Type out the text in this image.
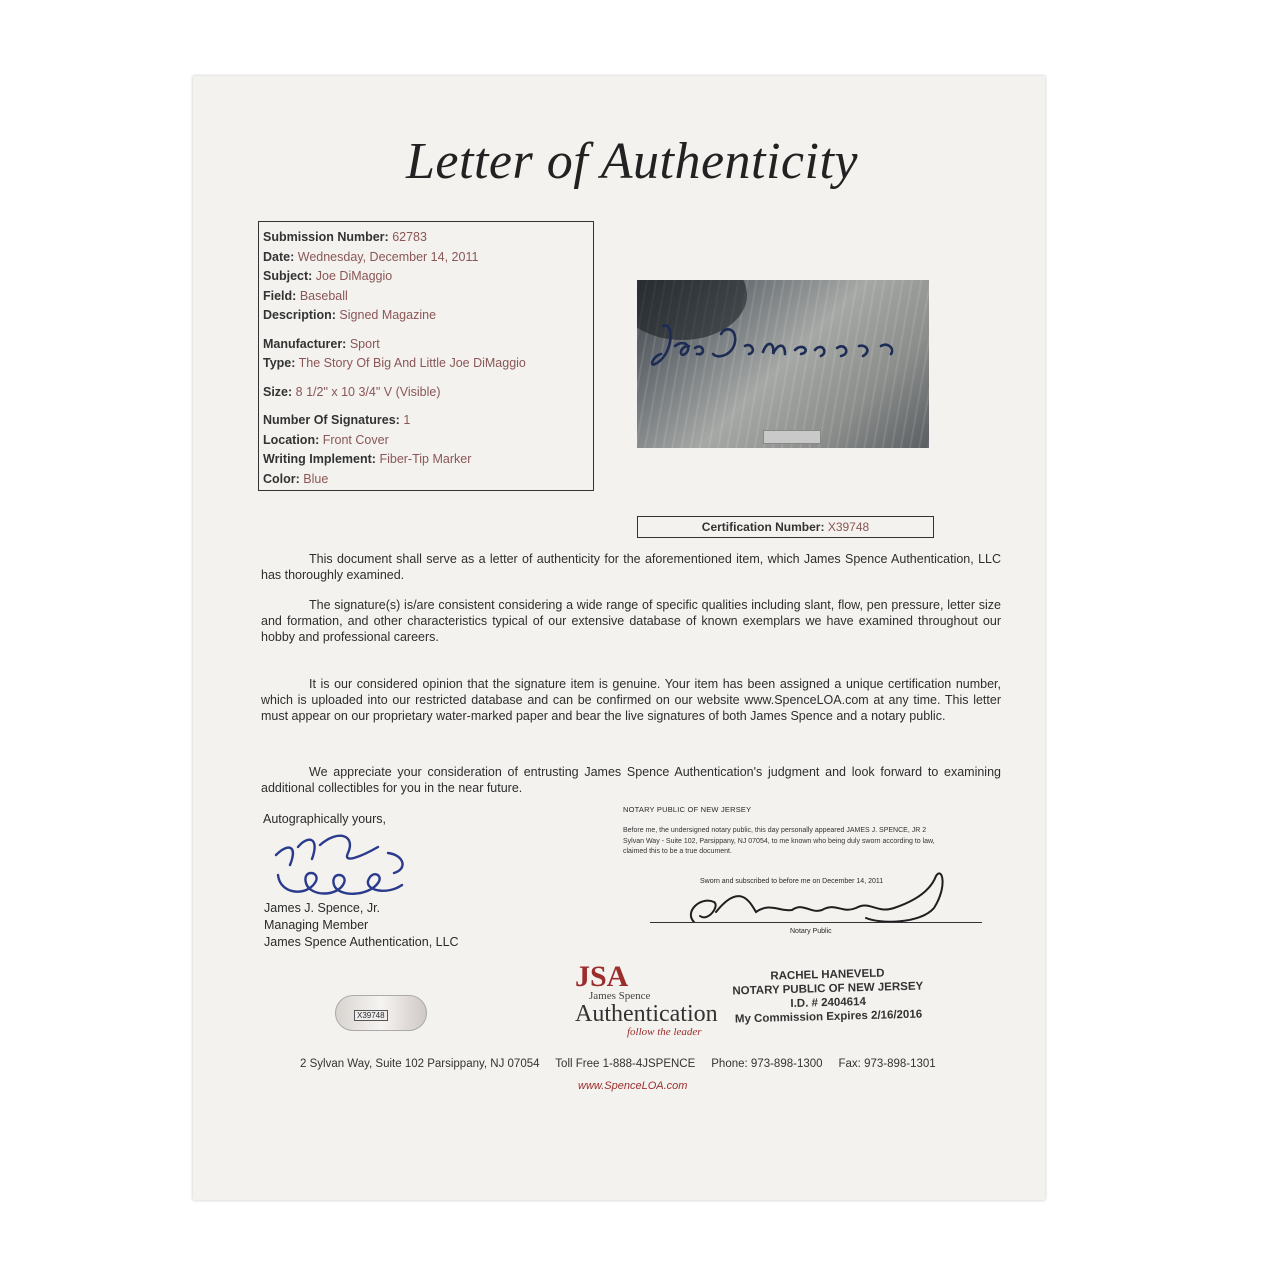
Letter of Authenticity
Submission Number: 62783
Date: Wednesday, December 14, 2011
Subject: Joe DiMaggio
Field: Baseball
Description: Signed Magazine
Manufacturer: Sport
Type: The Story Of Big And Little Joe DiMaggio
Size: 8 1/2" x 10 3/4" V (Visible)
Number Of Signatures: 1
Location: Front Cover
Writing Implement: Fiber-Tip Marker
Color: Blue
Certification Number: X39748

This document shall serve as a letter of authenticity for the aforementioned item, which James Spence Authentication, LLC has thoroughly examined.

The signature(s) is/are consistent considering a wide range of specific qualities including slant, flow, pen pressure, letter size and formation, and other characteristics typical of our extensive database of known exemplars we have examined throughout our hobby and professional careers.

It is our considered opinion that the signature item is genuine. Your item has been assigned a unique certification number, which is uploaded into our restricted database and can be confirmed on our website www.SpenceLOA.com at any time. This letter must appear on our proprietary water-marked paper and bear the live signatures of both James Spence and a notary public.

We appreciate your consideration of entrusting James Spence Authentication's judgment and look forward to examining additional collectibles for you in the near future.

Autographically yours,
James J. Spence, Jr.
Managing Member
James Spence Authentication, LLC
NOTARY PUBLIC OF NEW JERSEY
Before me, the undersigned notary public, this day personally appeared JAMES J. SPENCE, JR 2 Sylvan Way - Suite 102, Parsippany, NJ 07054, to me known who being duly sworn according to law, claimed this to be a true document.
Sworn and subscribed to before me on December 14, 2011
Notary Public
JSA
James Spence
Authentication
follow the leader
RACHEL HANEVELD
NOTARY PUBLIC OF NEW JERSEY
I.D. # 2404614
My Commission Expires 2/16/2016
X39748
2 Sylvan Way, Suite 102 Parsippany, NJ 07054 Toll Free 1-888-4JSPENCE Phone: 973-898-1300 Fax: 973-898-1301
www.SpenceLOA.com
